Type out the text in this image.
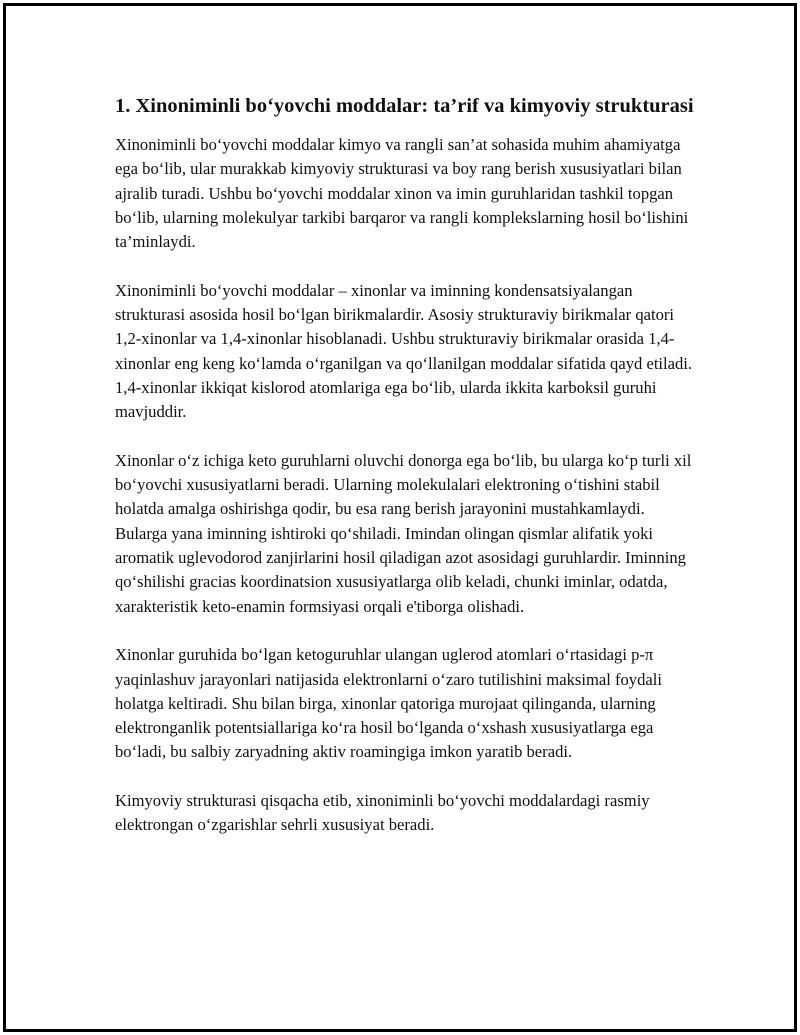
1. Xinoniminli bo‘yovchi moddalar: ta’rif va kimyoviy strukturasi

Xinoniminli bo‘yovchi moddalar kimyo va rangli san’at sohasida muhim ahamiyatga ega bo‘lib, ular murakkab kimyoviy strukturasi va boy rang berish xususiyatlari bilan ajralib turadi. Ushbu bo‘yovchi moddalar xinon va imin guruhlaridan tashkil topgan bo‘lib, ularning molekulyar tarkibi barqaror va rangli komplekslarning hosil bo‘lishini ta’minlaydi.

Xinoniminli bo‘yovchi moddalar – xinonlar va iminning kondensatsiyalangan strukturasi asosida hosil bo‘lgan birikmalardir. Asosiy strukturaviy birikmalar qatori 1,2-xinonlar va 1,4-xinonlar hisoblanadi. Ushbu strukturaviy birikmalar orasida 1,4-xinonlar eng keng ko‘lamda o‘rganilgan va qo‘llanilgan moddalar sifatida qayd etiladi. 1,4-xinonlar ikkiqat kislorod atomlariga ega bo‘lib, ularda ikkita karboksil guruhi mavjuddir.

Xinonlar o‘z ichiga keto guruhlarni oluvchi donorga ega bo‘lib, bu ularga ko‘p turli xil bo‘yovchi xususiyatlarni beradi. Ularning molekulalari elektroning o‘tishini stabil holatda amalga oshirishga qodir, bu esa rang berish jarayonini mustahkamlaydi. Bularga yana iminning ishtiroki qo‘shiladi. Imindan olingan qismlar alifatik yoki aromatik uglevodorod zanjirlarini hosil qiladigan azot asosidagi guruhlardir. Iminning qo‘shilishi gracias koordinatsion xususiyatlarga olib keladi, chunki iminlar, odatda, xarakteristik keto-enamin formsiyasi orqali e'tiborga olishadi.

Xinonlar guruhida bo‘lgan ketoguruhlar ulangan uglerod atomlari o‘rtasidagi p-π yaqinlashuv jarayonlari natijasida elektronlarni o‘zaro tutilishini maksimal foydali holatga keltiradi. Shu bilan birga, xinonlar qatoriga murojaat qilinganda, ularning elektronganlik potentsiallariga ko‘ra hosil bo‘lganda o‘xshash xususiyatlarga ega bo‘ladi, bu salbiy zaryadning aktiv roamingiga imkon yaratib beradi.

Kimyoviy strukturasi qisqacha etib, xinoniminli bo‘yovchi moddalardagi rasmiy elektrongan o‘zgarishlar sehrli xususiyat beradi.
